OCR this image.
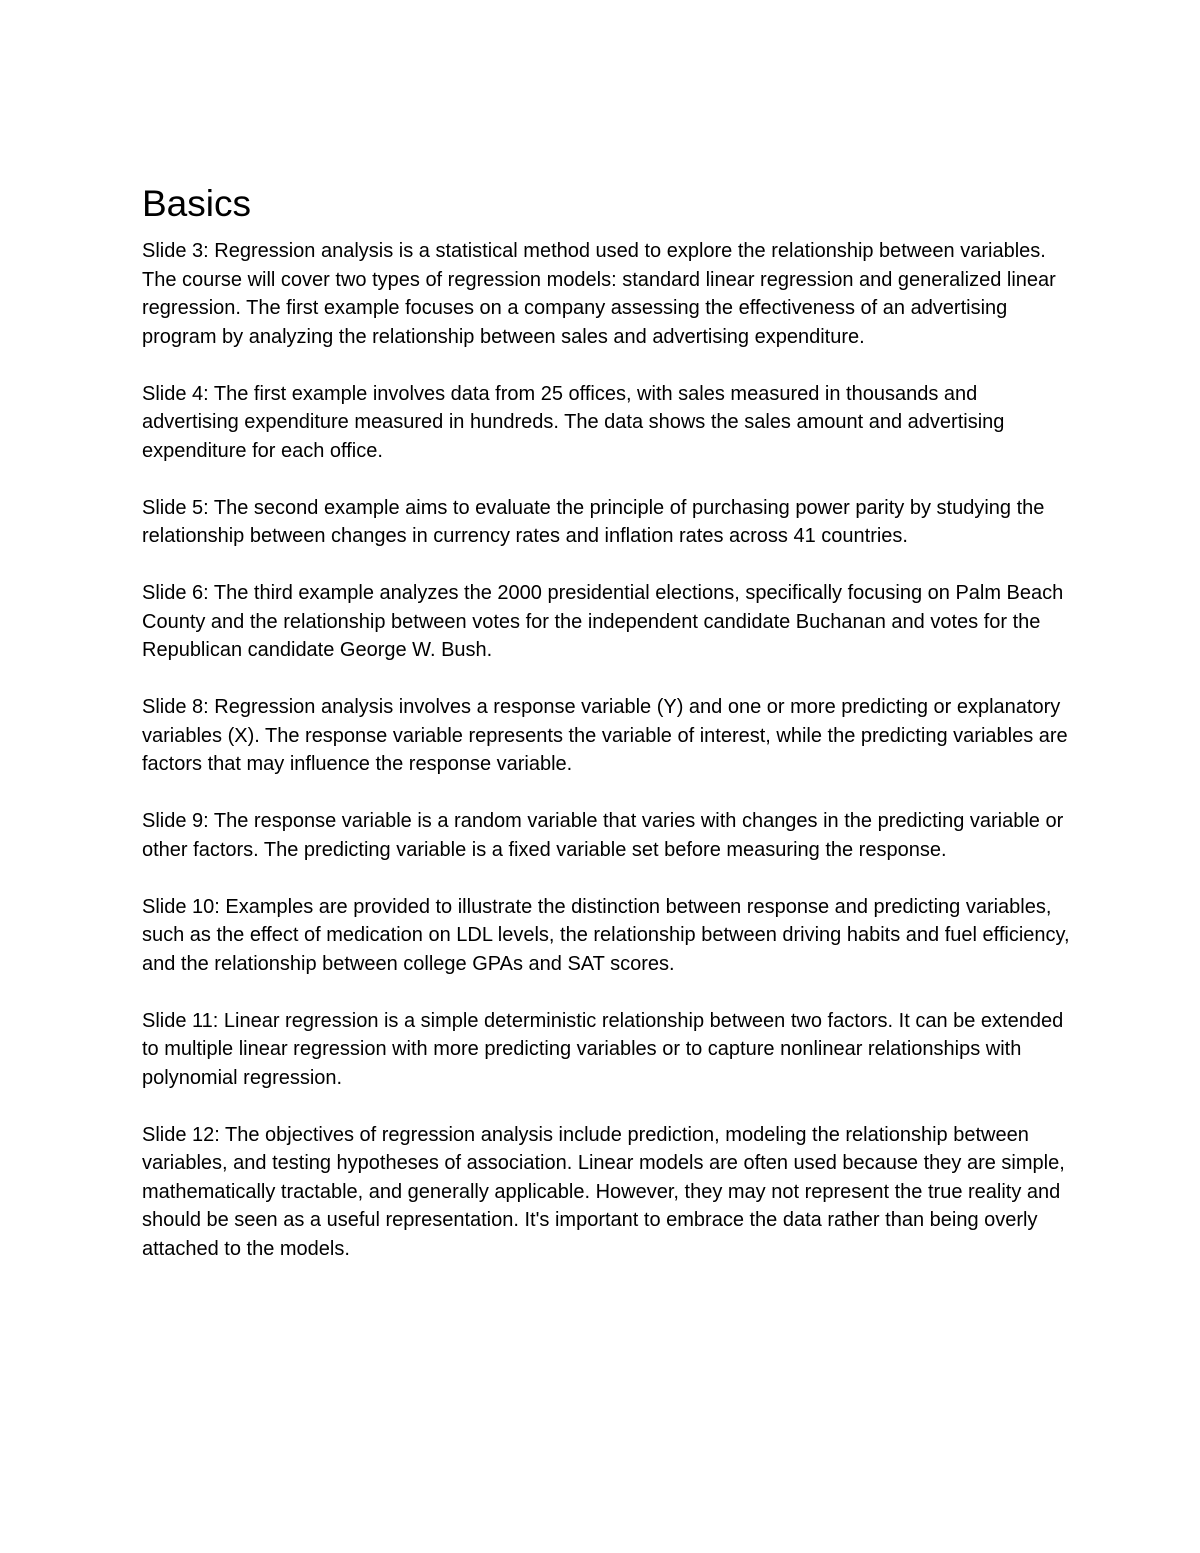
Basics

Slide 3: Regression analysis is a statistical method used to explore the relationship between variables. The course will cover two types of regression models: standard linear regression and generalized linear regression. The first example focuses on a company assessing the effectiveness of an advertising program by analyzing the relationship between sales and advertising expenditure.

Slide 4: The first example involves data from 25 offices, with sales measured in thousands and advertising expenditure measured in hundreds. The data shows the sales amount and advertising expenditure for each office.

Slide 5: The second example aims to evaluate the principle of purchasing power parity by studying the relationship between changes in currency rates and inflation rates across 41 countries.

Slide 6: The third example analyzes the 2000 presidential elections, specifically focusing on Palm Beach County and the relationship between votes for the independent candidate Buchanan and votes for the Republican candidate George W. Bush.

Slide 8: Regression analysis involves a response variable (Y) and one or more predicting or explanatory variables (X). The response variable represents the variable of interest, while the predicting variables are factors that may influence the response variable.

Slide 9: The response variable is a random variable that varies with changes in the predicting variable or other factors. The predicting variable is a fixed variable set before measuring the response.

Slide 10: Examples are provided to illustrate the distinction between response and predicting variables, such as the effect of medication on LDL levels, the relationship between driving habits and fuel efficiency, and the relationship between college GPAs and SAT scores.

Slide 11: Linear regression is a simple deterministic relationship between two factors. It can be extended to multiple linear regression with more predicting variables or to capture nonlinear relationships with polynomial regression.

Slide 12: The objectives of regression analysis include prediction, modeling the relationship between variables, and testing hypotheses of association. Linear models are often used because they are simple, mathematically tractable, and generally applicable. However, they may not represent the true reality and should be seen as a useful representation. It's important to embrace the data rather than being overly attached to the models.
